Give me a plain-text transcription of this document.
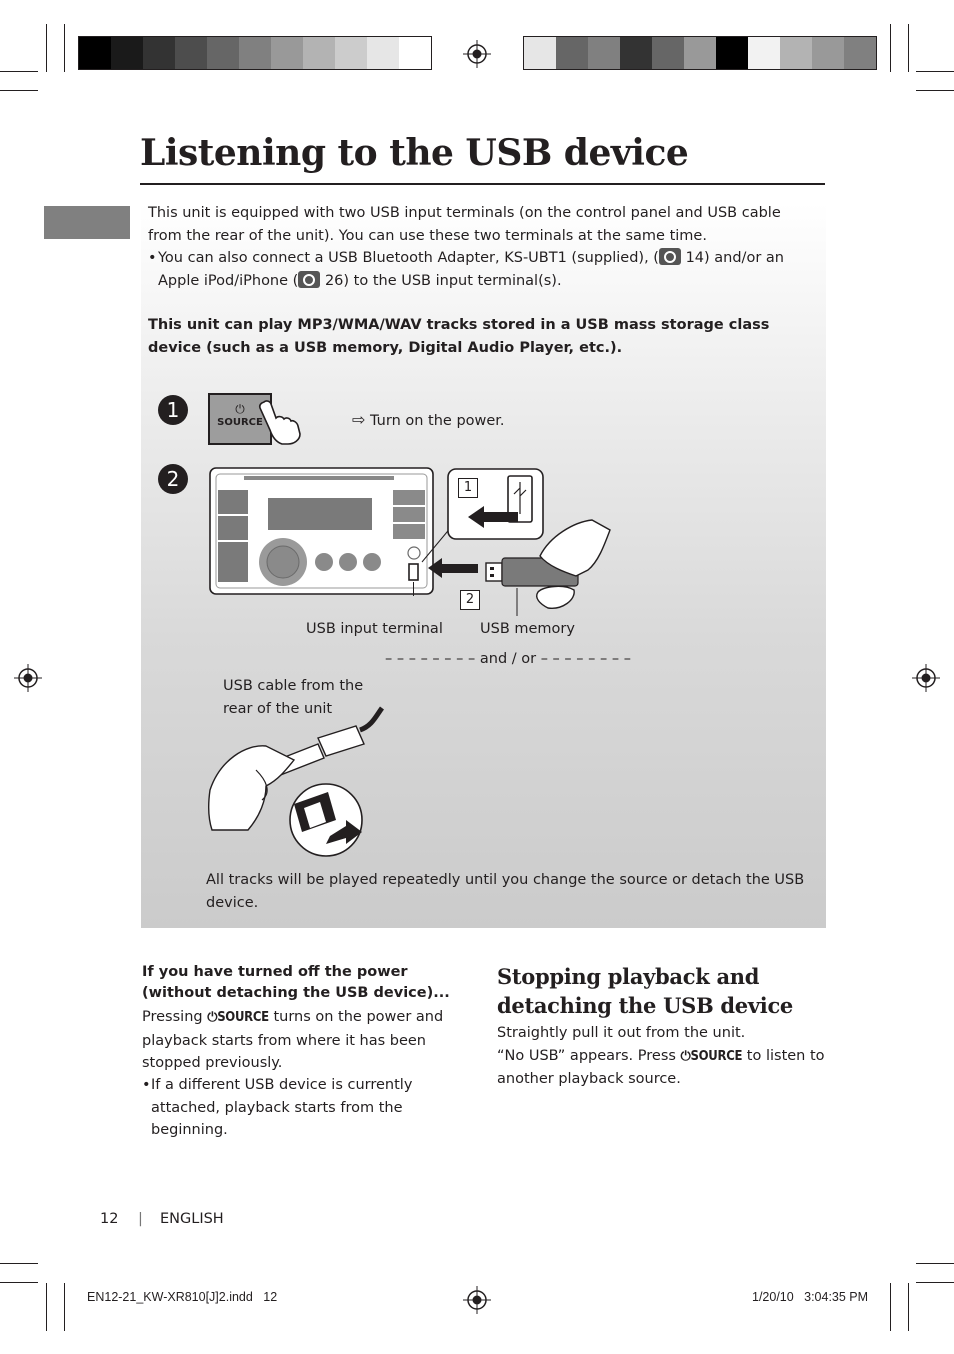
Listening to the USB device
This unit is equipped with two USB input terminals (on the control panel and USB cable from the rear of the unit). You can use these two terminals at the same time.
• You can also connect a USB Bluetooth Adapter, KS-UBT1 (supplied), ( 14) and/or an Apple iPod/iPhone ( 26) to the USB input terminal(s).
This unit can play MP3/WMA/WAV tracks stored in a USB mass storage class device (such as a USB memory, Digital Audio Player, etc.).
1	⏻
SOURCE	⇨ Turn on the power.
2	1
2
USB input terminal	USB memory
– – – – – – – – and / or – – – – – – – –
USB cable from the
rear of the unit
All tracks will be played repeatedly until you change the source or detach the USB device.
If you have turned off the power (without detaching the USB device)...
Pressing ⏻SOURCE turns on the power and playback starts from where it has been stopped previously.
• If a different USB device is currently attached, playback starts from the beginning.
Stopping playback and detaching the USB device
Straightly pull it out from the unit.
“No USB” appears. Press ⏻SOURCE to listen to another playback source.
12 | ENGLISH
EN12-21_KW-XR810[J]2.indd   12	1/20/10   3:04:35 PM
